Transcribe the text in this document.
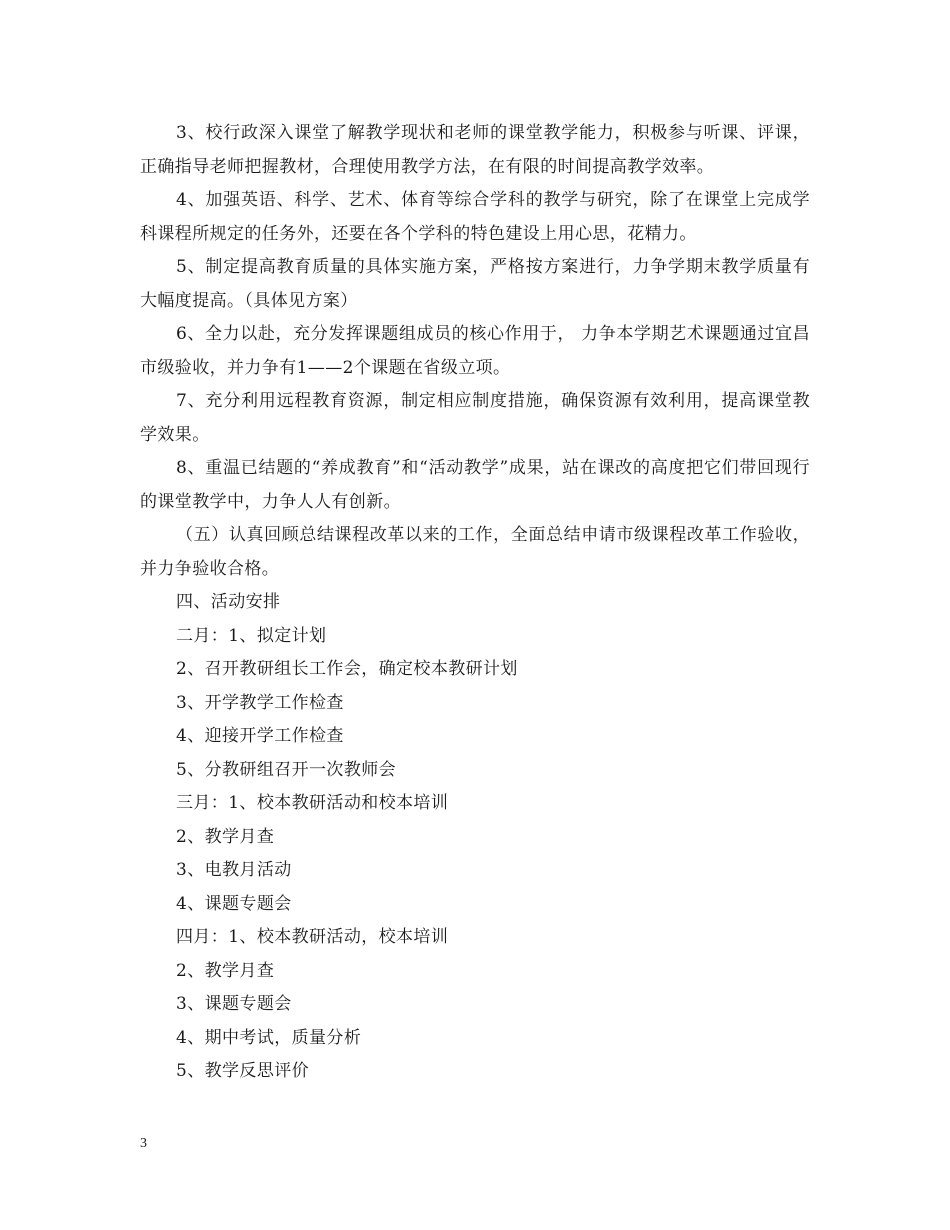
3、校行政深入课堂了解教学现状和老师的课堂教学能力，积极参与听课、评课，正确指导老师把握教材，合理使用教学方法，在有限的时间提高教学效率。

4、加强英语、科学、艺术、体育等综合学科的教学与研究，除了在课堂上完成学科课程所规定的任务外，还要在各个学科的特色建设上用心思，花精力。

5、制定提高教育质量的具体实施方案，严格按方案进行，力争学期末教学质量有大幅度提高。（具体见方案）

6、全力以赴，充分发挥课题组成员的核心作用于， 力争本学期艺术课题通过宜昌市级验收，并力争有1——2个课题在省级立项。

7、充分利用远程教育资源，制定相应制度措施，确保资源有效利用，提高课堂教学效果。

8、重温已结题的“养成教育”和“活动教学”成果，站在课改的高度把它们带回现行的课堂教学中，力争人人有创新。

（五）认真回顾总结课程改革以来的工作，全面总结申请市级课程改革工作验收，并力争验收合格。

四、活动安排

二月：1、拟定计划

2、召开教研组长工作会，确定校本教研计划

3、开学教学工作检查

4、迎接开学工作检查

5、分教研组召开一次教师会

三月：1、校本教研活动和校本培训

2、教学月查

3、电教月活动

4、课题专题会

四月：1、校本教研活动，校本培训

2、教学月查

3、课题专题会

4、期中考试，质量分析

5、教学反思评价

3
